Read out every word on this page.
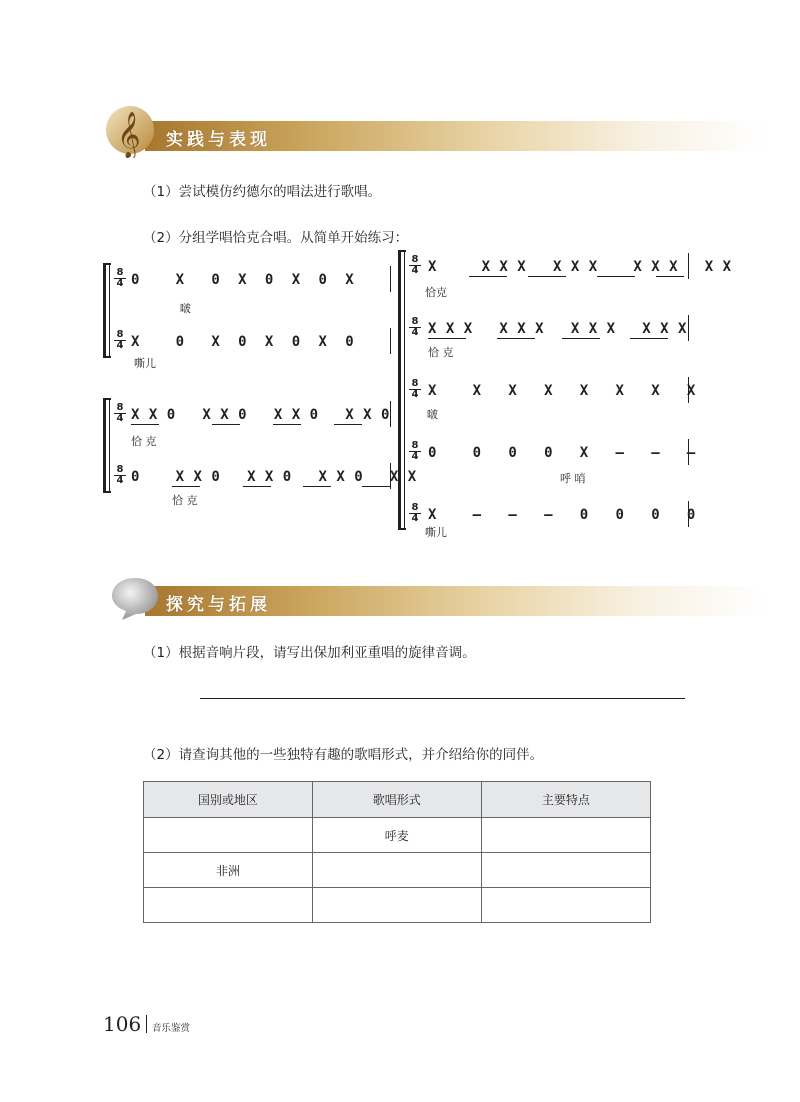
𝄞 实践与表现
（1）尝试模仿约德尔的唱法进行歌唱。
（2）分组学唱恰克合唱。从简单开始练习：
8
4 0    X   0  X  0  X  0  X
啵
8
4 X    0   X  0  X  0  X  0
嘶儿
8
4 X X 0   X X 0   X X 0   X X 0
恰 克
8
4 0    X X 0   X X 0   X X 0   X X
恰 克
8
4 X     X X X   X X X    X X X   X X
恰克
8
4 X X X   X X X   X X X   X X X
恰 克
8
4 X    X   X   X   X   X   X   X
啵
8
4 0    0   0   0   X   –   –   –
呼 哨
8
4 X    –   –   –   0   0   0   0
嘶儿
探究与拓展
（1）根据音响片段，请写出保加利亚重唱的旋律音调。
（2）请查询其他的一些独特有趣的歌唱形式，并介绍给你的同伴。
国别或地区	歌唱形式	主要特点
	呼麦	
非洲		

106 音乐鉴赏
